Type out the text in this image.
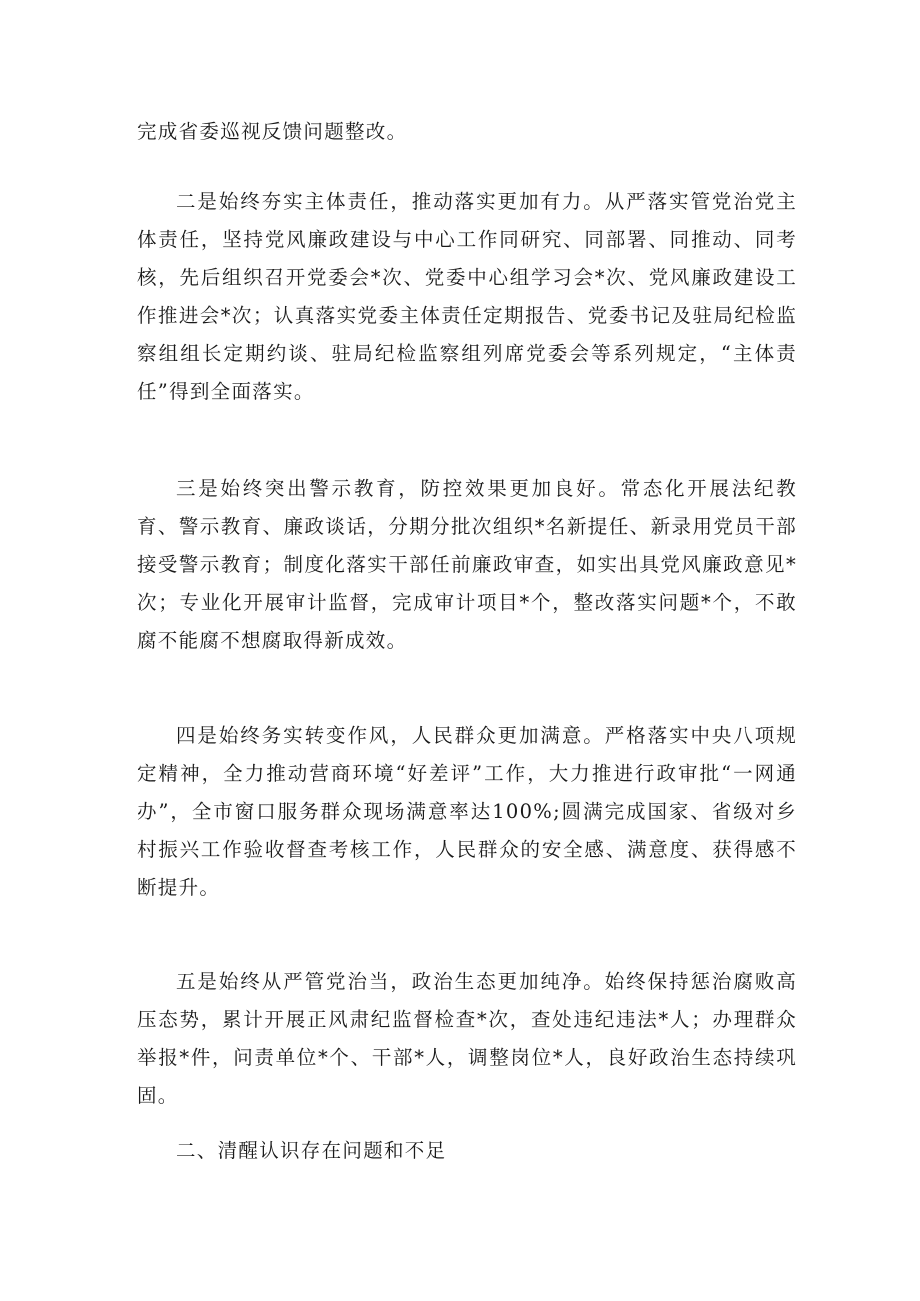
完成省委巡视反馈问题整改。

二是始终夯实主体责任，推动落实更加有力。从严落实管党治党主体责任，坚持党风廉政建设与中心工作同研究、同部署、同推动、同考核，先后组织召开党委会*次、党委中心组学习会*次、党风廉政建设工作推进会*次；认真落实党委主体责任定期报告、党委书记及驻局纪检监察组组长定期约谈、驻局纪检监察组列席党委会等系列规定，“主体责任”得到全面落实。

三是始终突出警示教育，防控效果更加良好。常态化开展法纪教育、警示教育、廉政谈话，分期分批次组织*名新提任、新录用党员干部接受警示教育；制度化落实干部任前廉政审查，如实出具党风廉政意见*次；专业化开展审计监督，完成审计项目*个，整改落实问题*个，不敢腐不能腐不想腐取得新成效。

四是始终务实转变作风，人民群众更加满意。严格落实中央八项规定精神，全力推动营商环境“好差评”工作，大力推进行政审批“一网通办”，全市窗口服务群众现场满意率达100%;圆满完成国家、省级对乡村振兴工作验收督查考核工作，人民群众的安全感、满意度、获得感不断提升。

五是始终从严管党治当，政治生态更加纯净。始终保持惩治腐败高压态势，累计开展正风肃纪监督检查*次，查处违纪违法*人；办理群众举报*件，问责单位*个、干部*人，调整岗位*人，良好政治生态持续巩固。

二、清醒认识存在问题和不足
